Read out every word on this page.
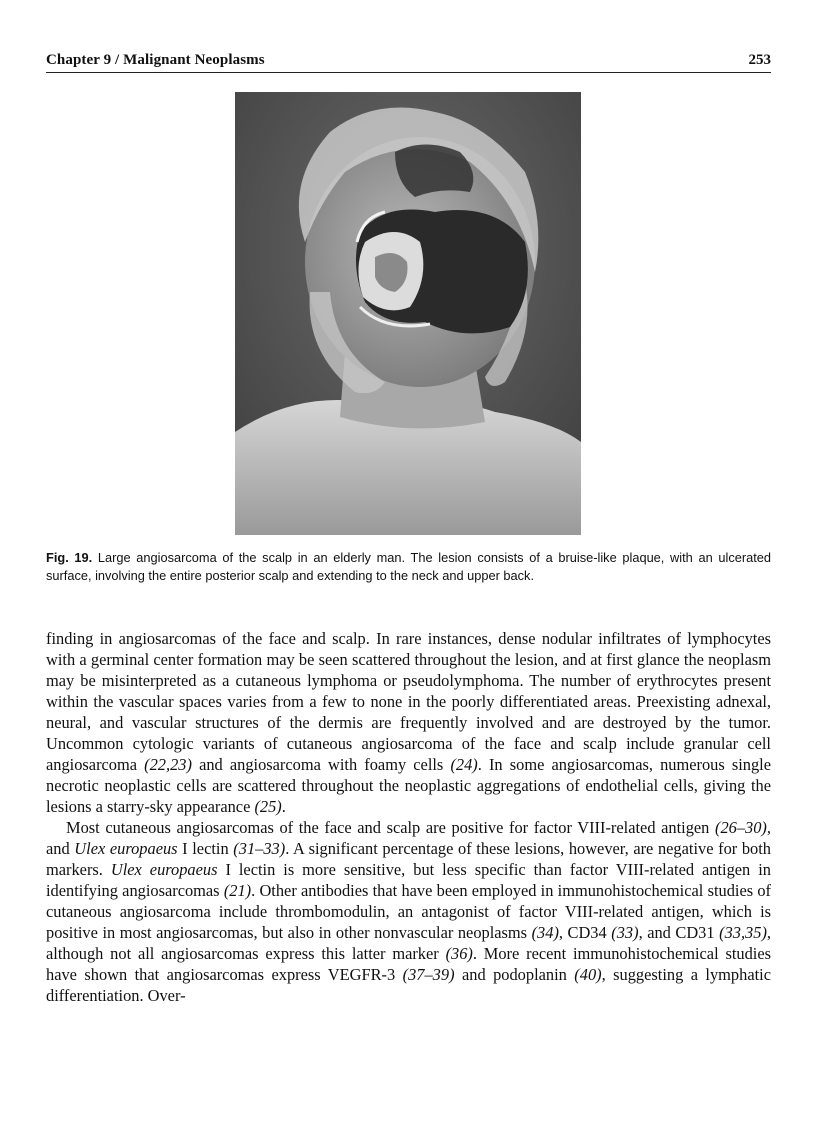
Chapter 9 / Malignant Neoplasms	253
Fig. 19. Large angiosarcoma of the scalp in an elderly man. The lesion consists of a bruise-like plaque, with an ulcerated surface, involving the entire posterior scalp and extending to the neck and upper back.

finding in angiosarcomas of the face and scalp. In rare instances, dense nodular infiltrates of lymphocytes with a germinal center formation may be seen scattered throughout the lesion, and at first glance the neoplasm may be misinterpreted as a cutaneous lymphoma or pseudolymphoma. The number of erythrocytes present within the vascular spaces varies from a few to none in the poorly differentiated areas. Preexisting adnexal, neural, and vascular structures of the dermis are frequently involved and are destroyed by the tumor. Uncommon cytologic variants of cutaneous angiosarcoma of the face and scalp include granular cell angiosarcoma (22,23) and angiosarcoma with foamy cells (24). In some angiosarcomas, numerous single necrotic neoplastic cells are scattered throughout the neoplastic aggregations of endothelial cells, giving the lesions a starry-sky appearance (25).

Most cutaneous angiosarcomas of the face and scalp are positive for factor VIII-related antigen (26–30), and Ulex europaeus I lectin (31–33). A significant percentage of these lesions, however, are negative for both markers. Ulex europaeus I lectin is more sensitive, but less specific than factor VIII-related antigen in identifying angiosarcomas (21). Other antibodies that have been employed in immunohistochemical studies of cutaneous angiosarcoma include thrombomodulin, an antagonist of factor VIII-related antigen, which is positive in most angiosarcomas, but also in other nonvascular neoplasms (34), CD34 (33), and CD31 (33,35), although not all angiosarcomas express this latter marker (36). More recent immunohistochemical studies have shown that angiosarcomas express VEGFR-3 (37–39) and podoplanin (40), suggesting a lymphatic differentiation. Over-
